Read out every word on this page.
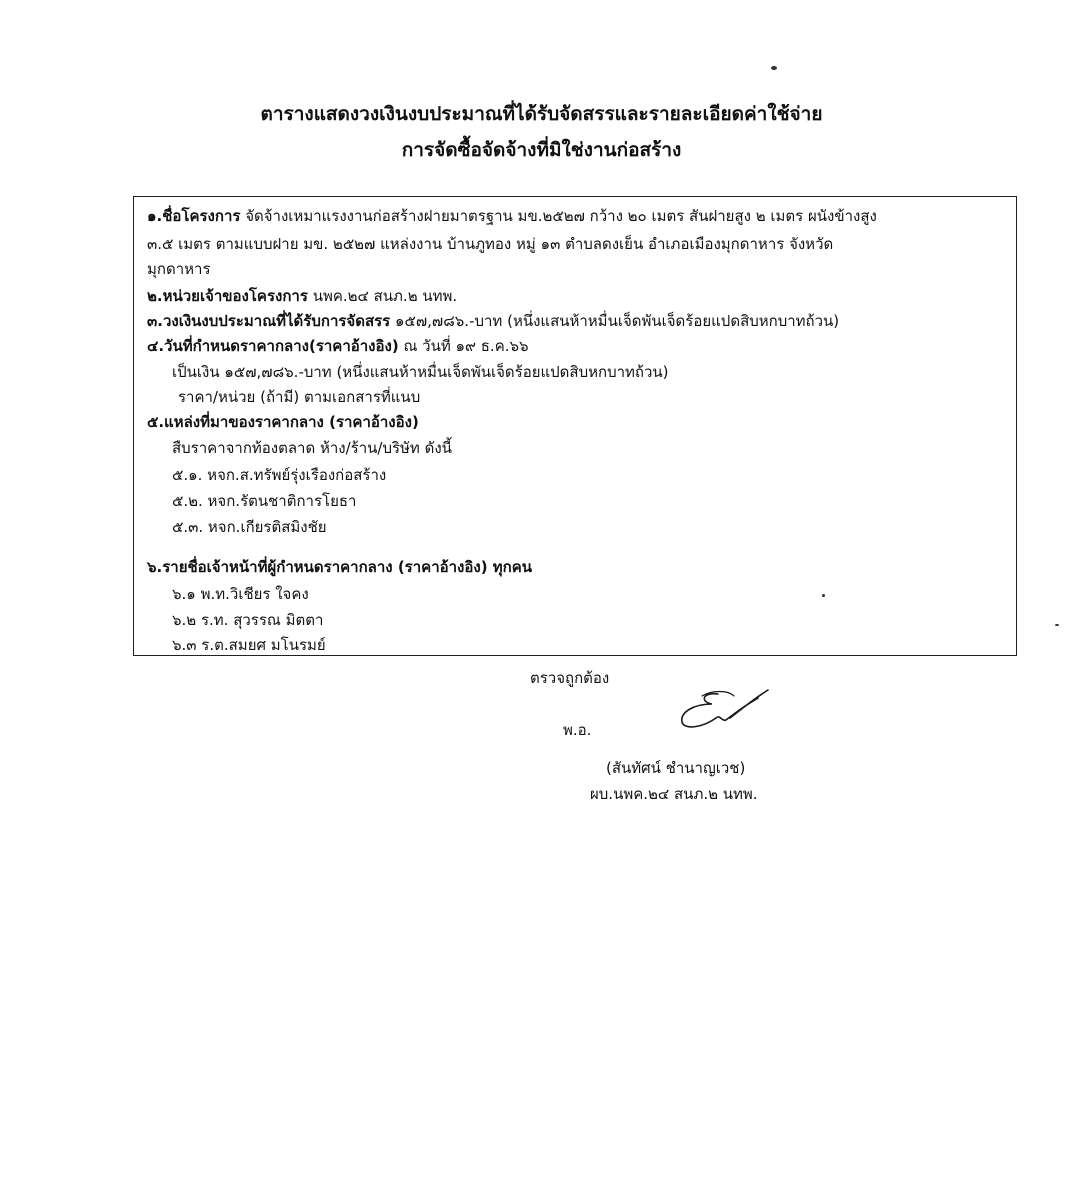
ตารางแสดงวงเงินงบประมาณที่ได้รับจัดสรรและรายละเอียดค่าใช้จ่าย
การจัดซื้อจัดจ้างที่มิใช่งานก่อสร้าง
๑.ชื่อโครงการ จัดจ้างเหมาแรงงานก่อสร้างฝายมาตรฐาน มข.๒๕๒๗ กว้าง ๒๐ เมตร สันฝายสูง ๒ เมตร ผนังข้างสูง
๓.๕ เมตร ตามแบบฝาย มข. ๒๕๒๗ แหล่งงาน บ้านภูทอง หมู่ ๑๓ ตำบลดงเย็น อำเภอเมืองมุกดาหาร จังหวัด
มุกดาหาร
๒.หน่วยเจ้าของโครงการ นพค.๒๔ สนภ.๒ นทพ.
๓.วงเงินงบประมาณที่ได้รับการจัดสรร ๑๕๗,๗๘๖.-บาท (หนึ่งแสนห้าหมื่นเจ็ดพันเจ็ดร้อยแปดสิบหกบาทถ้วน)
๔.วันที่กำหนดราคากลาง(ราคาอ้างอิง) ณ วันที่ ๑๙ ธ.ค.๖๖
เป็นเงิน ๑๕๗,๗๘๖.-บาท (หนึ่งแสนห้าหมื่นเจ็ดพันเจ็ดร้อยแปดสิบหกบาทถ้วน)
ราคา/หน่วย (ถ้ามี) ตามเอกสารที่แนบ
๕.แหล่งที่มาของราคากลาง (ราคาอ้างอิง)
สืบราคาจากท้องตลาด ห้าง/ร้าน/บริษัท ดังนี้
๕.๑. หจก.ส.ทรัพย์รุ่งเรืองก่อสร้าง
๕.๒. หจก.รัตนชาติการโยธา
๕.๓. หจก.เกียรติสมิงชัย
๖.รายชื่อเจ้าหน้าที่ผู้กำหนดราคากลาง (ราคาอ้างอิง) ทุกคน
๖.๑ พ.ท.วิเชียร ใจคง
๖.๒ ร.ท. สุวรรณ มิตตา
๖.๓ ร.ต.สมยศ มโนรมย์
ตรวจถูกต้อง
พ.อ.
(สันทัศน์ ชำนาญเวช)
ผบ.นพค.๒๔ สนภ.๒ นทพ.
